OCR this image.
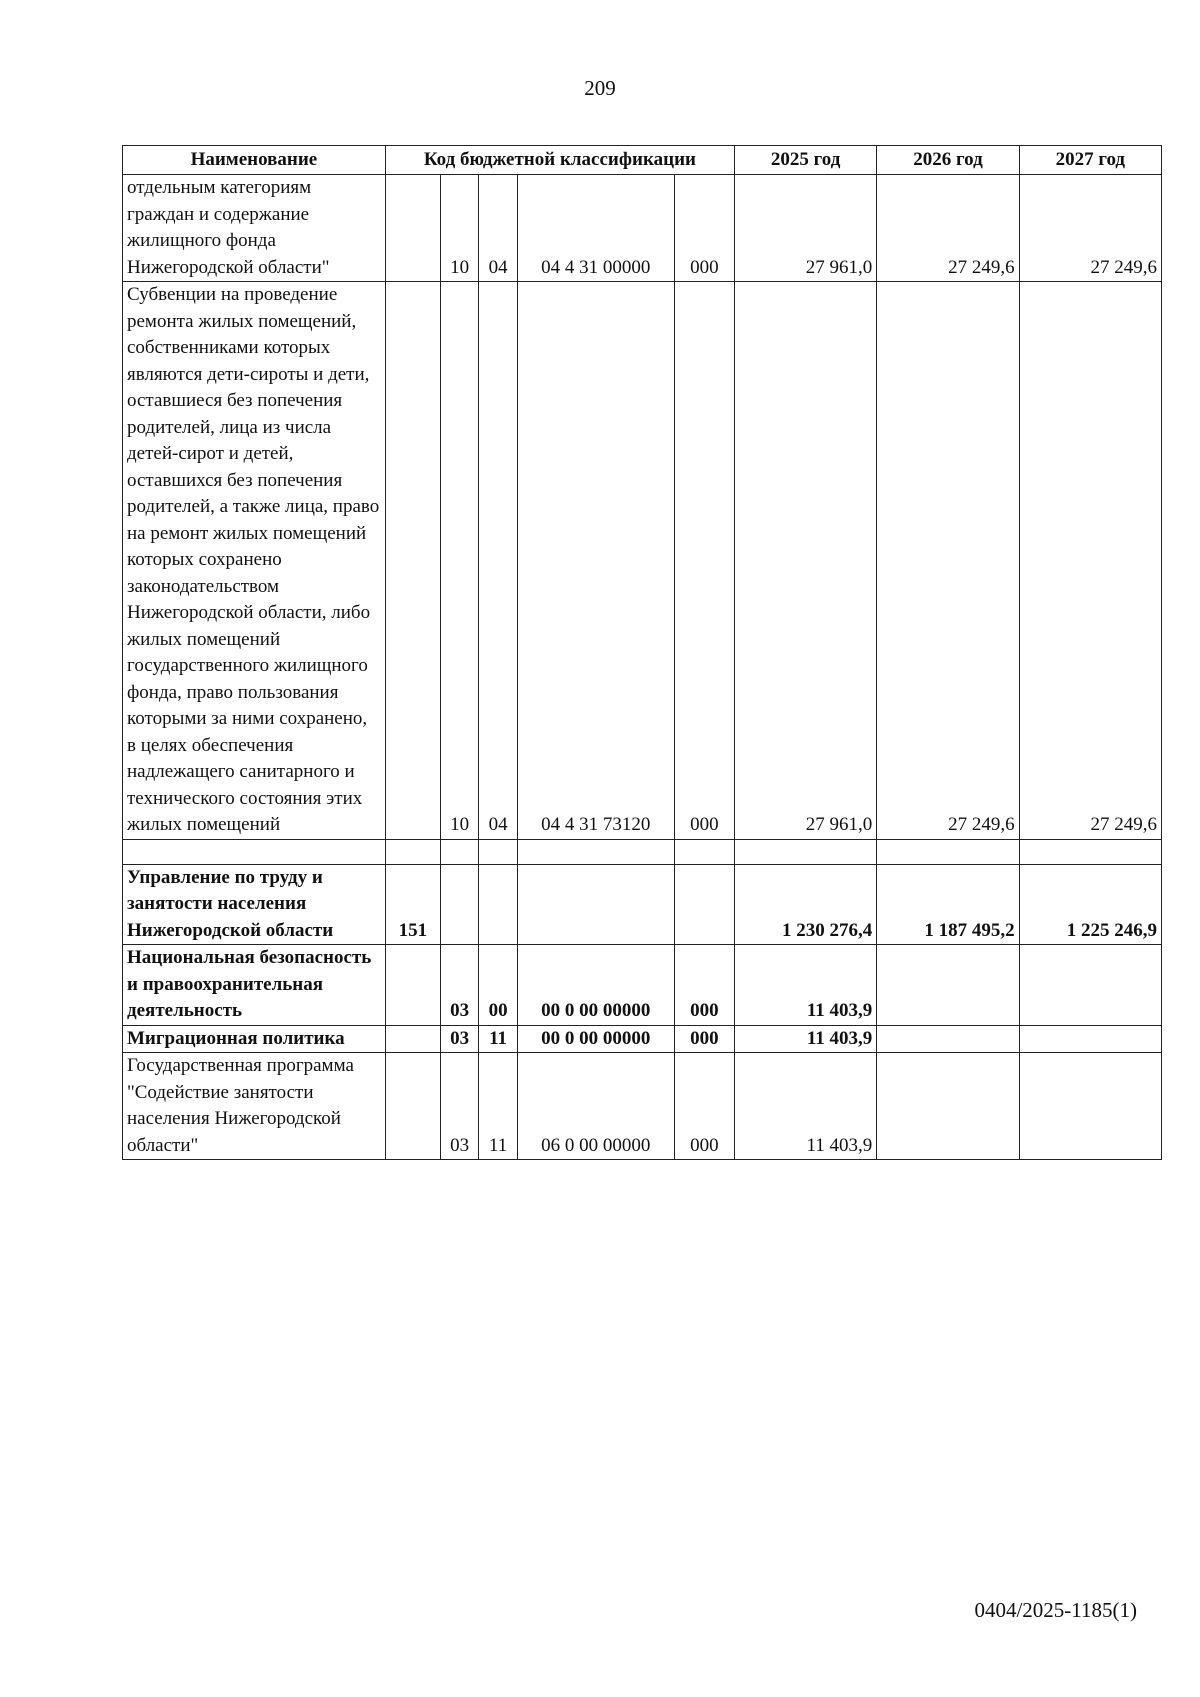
209
Наименование	Код бюджетной классификации					2025 год	2026 год	2027 год
отдельным категориям граждан и содержание жилищного фонда Нижегородской области"		10	04	04 4 31 00000	000	27 961,0	27 249,6	27 249,6
Субвенции на проведение ремонта жилых помещений, собственниками которых являются дети-сироты и дети, оставшиеся без попечения родителей, лица из числа детей-сирот и детей, оставшихся без попечения родителей, а также лица, право на ремонт жилых помещений которых сохранено законодательством Нижегородской области, либо жилых помещений государственного жилищного фонда, право пользования которыми за ними сохранено, в целях обеспечения надлежащего санитарного и технического состояния этих жилых помещений		10	04	04 4 31 73120	000	27 961,0	27 249,6	27 249,6

Управление по труду и занятости населения Нижегородской области	151					1 230 276,4	1 187 495,2	1 225 246,9
Национальная безопасность и правоохранительная деятельность		03	00	00 0 00 00000	000	11 403,9		
Миграционная политика		03	11	00 0 00 00000	000	11 403,9		
Государственная программа "Содействие занятости населения Нижегородской области"		03	11	06 0 00 00000	000	11 403,9		
0404/2025-1185(1)
